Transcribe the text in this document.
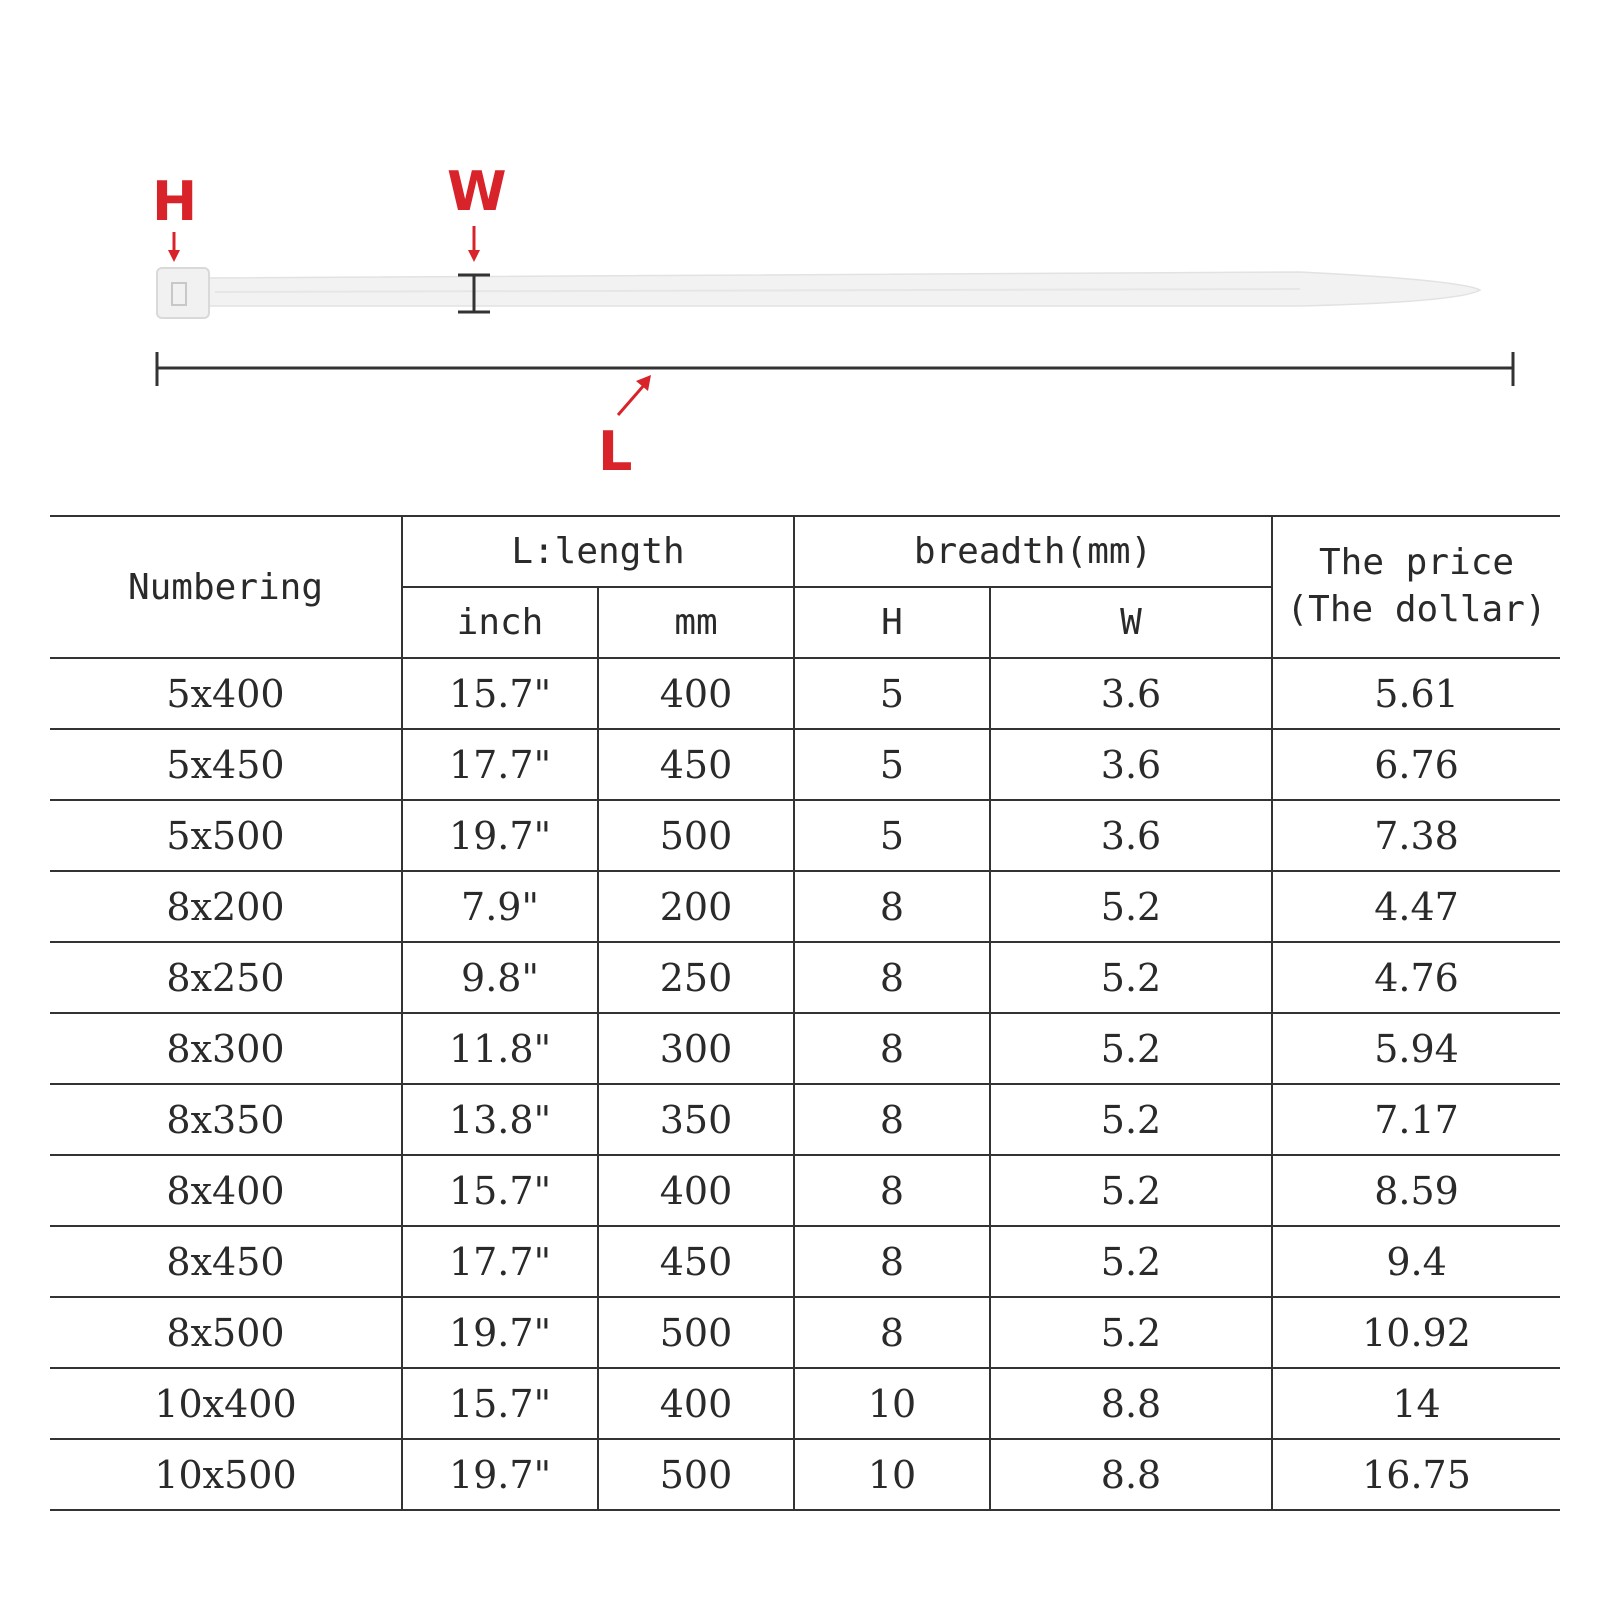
H	W
L
Numbering	L:length		breadth(mm)		The price
(The dollar)

	inch	mm	H	W	
5x400	15.7"	400	5	3.6	5.61
5x450	17.7"	450	5	3.6	6.76
5x500	19.7"	500	5	3.6	7.38
8x200	7.9"	200	8	5.2	4.47
8x250	9.8"	250	8	5.2	4.76
8x300	11.8"	300	8	5.2	5.94
8x350	13.8"	350	8	5.2	7.17
8x400	15.7"	400	8	5.2	8.59
8x450	17.7"	450	8	5.2	9.4
8x500	19.7"	500	8	5.2	10.92
10x400	15.7"	400	10	8.8	14
10x500	19.7"	500	10	8.8	16.75
